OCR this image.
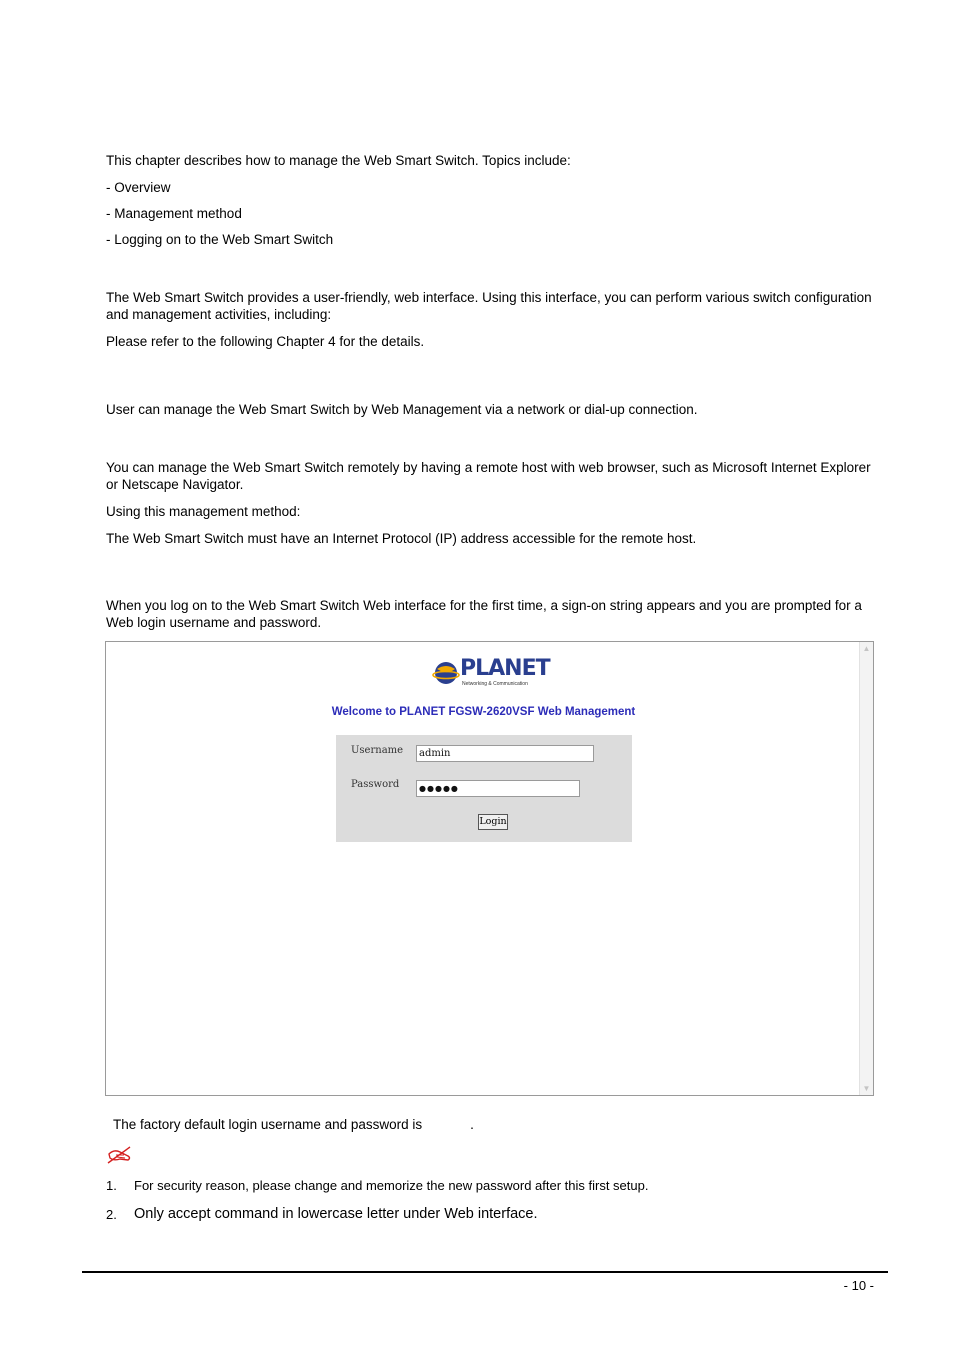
This chapter describes how to manage the Web Smart Switch. Topics include:
- Overview
- Management method
- Logging on to the Web Smart Switch
The Web Smart Switch provides a user-friendly, web interface. Using this interface, you can perform various switch configuration and management activities, including:
Please refer to the following Chapter 4 for the details.
User can manage the Web Smart Switch by Web Management via a network or dial-up connection.
You can manage the Web Smart Switch remotely by having a remote host with web browser, such as Microsoft Internet Explorer or Netscape Navigator.
Using this management method:
The Web Smart Switch must have an Internet Protocol (IP) address accessible for the remote host.
When you log on to the Web Smart Switch Web interface for the first time, a sign-on string appears and you are prompted for a Web login username and password.
▲
▼
PLANET
Networking & Communication
Welcome to PLANET FGSW-2620VSF Web Management
Username	admin
Password	●●●●●
Login
The factory default login username and password is	.
1. For security reason, please change and memorize the new password after this first setup.
2. Only accept command in lowercase letter under Web interface.
- 10 -
